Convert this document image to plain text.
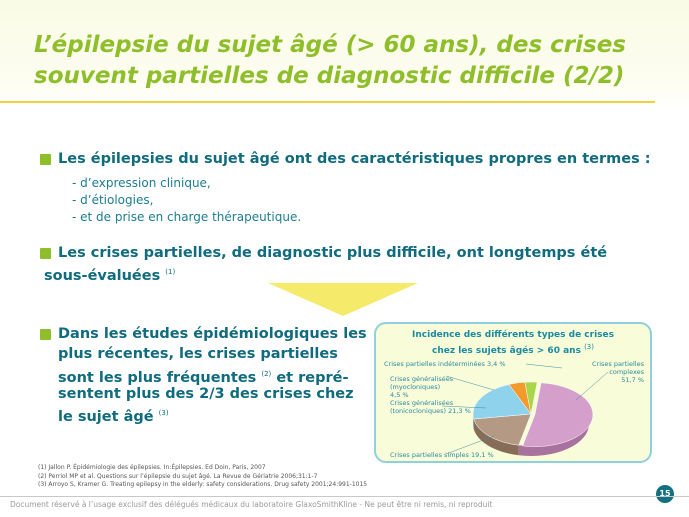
L’épilepsie du sujet âgé (> 60 ans), des crises souvent partielles de diagnostic difficile (2/2)
Les épilepsies du sujet âgé ont des caractéristiques propres en termes :
- d’expression clinique,
- d’étiologies,
- et de prise en charge thérapeutique.
Les crises partielles, de diagnostic plus difficile, ont longtemps été
sous-évaluées $^{(1)}$
Dans les études épidémiologiques les
plus récentes, les crises partielles
sont les plus fréquentes $^{(2)}$ et repré-
sentent plus des 2/3 des crises chez
le sujet âgé $^{(3)}$
Incidence des différents types de crises
chez les sujets âgés > 60 ans $^{(3)}$
Crises partielles indéterminées 3,4 %
Crises généralisées
(myocloniques)
4,5 %
Crises généralisées
(tonicocloniques) 21,3 %
Crises partielles simples 19,1 %
Crises partielles complexes
51,7 %
(1) Jallon P. Épidémiologie des épilepsies. In:Épilepsies. Ed Doin, Paris, 2007
(2) Perriol MP et al. Questions sur l’épilepsie du sujet âgé. La Revue de Gériatrie 2006;31:1-7
(3) Arroyo S, Kramer G. Treating epilepsy in the elderly: safety considerations. Drug safety 2001;24:991-1015
15
Document réservé à l’usage exclusif des délégués médicaux du laboratoire GlaxoSmithKline - Ne peut être ni remis, ni reproduit
